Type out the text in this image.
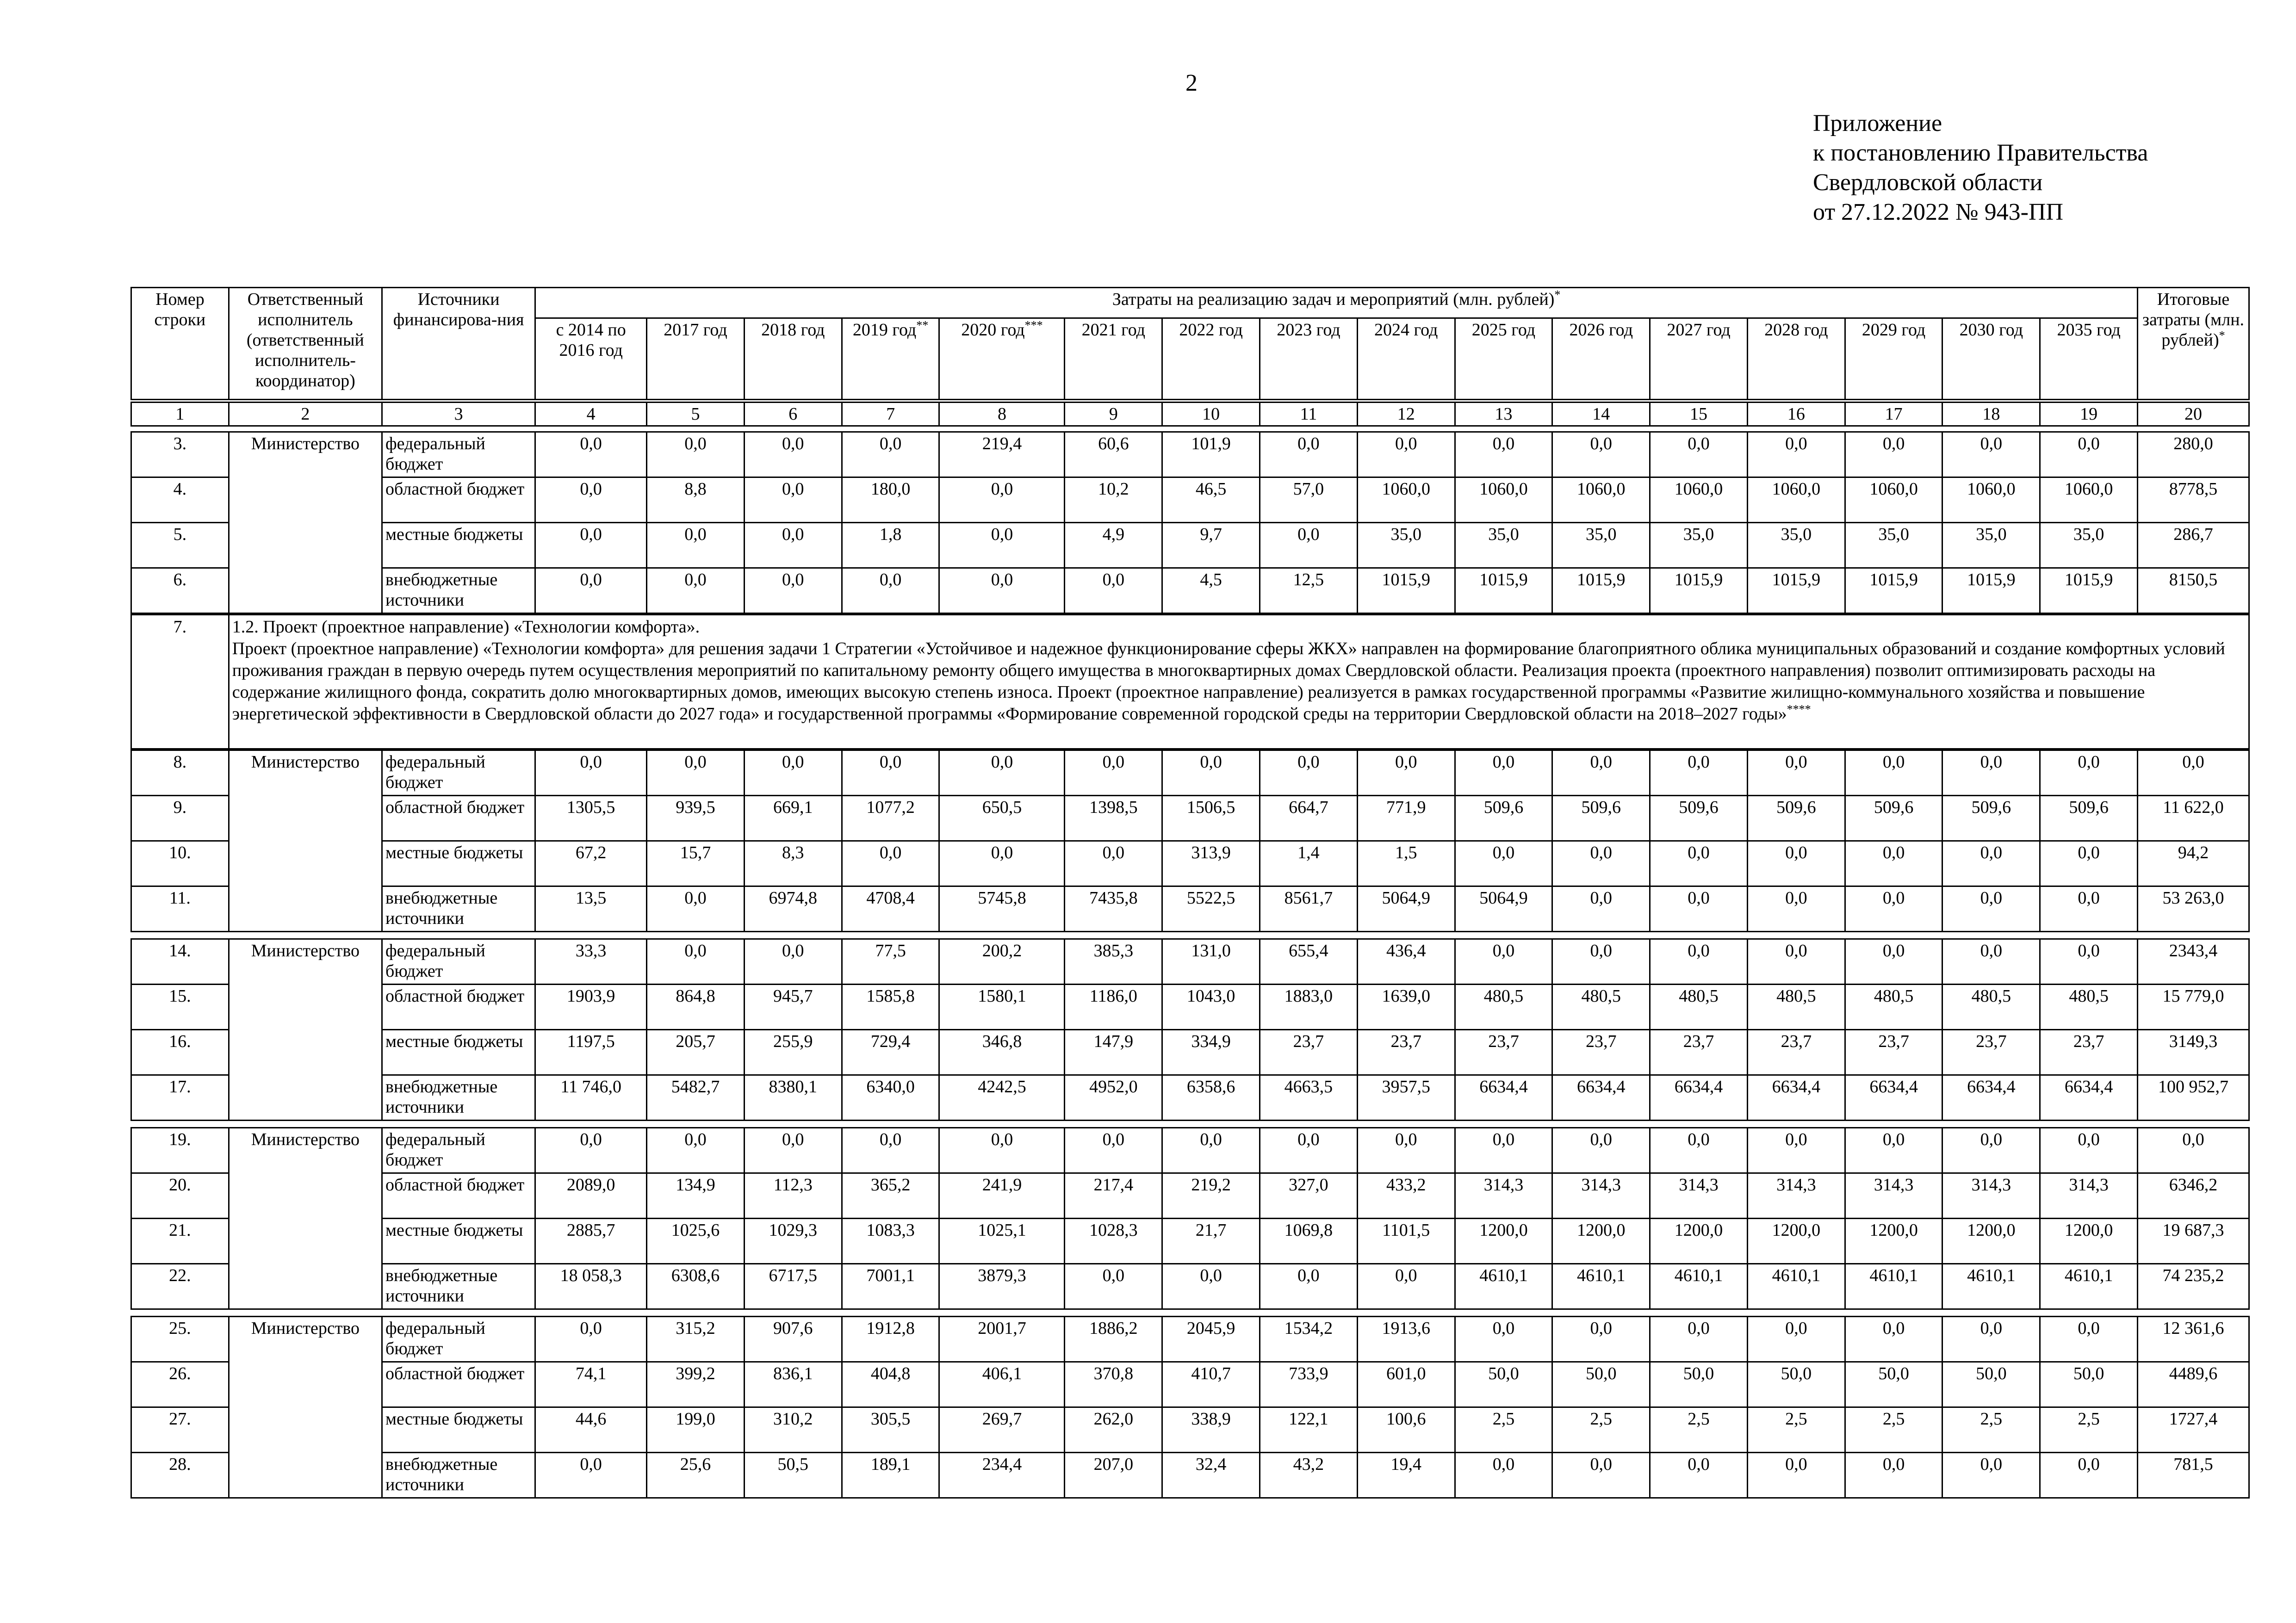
2
Приложение
к постановлению Правительства
Свердловской области
от 27.12.2022 № 943-ПП
Номер строки	Ответственный исполнитель (ответственный исполнитель-координатор)	Источники финансирова-ния	Затраты на реализацию задач и мероприятий (млн. рублей)*																Итоговые затраты (млн. рублей)*
			с 2014 по 2016 год	2017 год	2018 год	2019 год**	2020 год***	2021 год	2022 год	2023 год	2024 год	2025 год	2026 год	2027 год	2028 год	2029 год	2030 год	2035 год	
1	2	3	4	5	6	7	8	9	10	11	12	13	14	15	16	17	18	19	20
3.	Министерство	федеральный бюджет	0,0	0,0	0,0	0,0	219,4	60,6	101,9	0,0	0,0	0,0	0,0	0,0	0,0	0,0	0,0	0,0	280,0
4.		областной бюджет	0,0	8,8	0,0	180,0	0,0	10,2	46,5	57,0	1060,0	1060,0	1060,0	1060,0	1060,0	1060,0	1060,0	1060,0	8778,5
5.		местные бюджеты	0,0	0,0	0,0	1,8	0,0	4,9	9,7	0,0	35,0	35,0	35,0	35,0	35,0	35,0	35,0	35,0	286,7
6.		внебюджетные источники	0,0	0,0	0,0	0,0	0,0	0,0	4,5	12,5	1015,9	1015,9	1015,9	1015,9	1015,9	1015,9	1015,9	1015,9	8150,5
7.	1.2. Проект (проектное направление) «Технологии комфорта».
Проект (проектное направление) «Технологии комфорта» для решения задачи 1 Стратегии «Устойчивое и надежное функционирование сферы ЖКХ» направлен на формирование благоприятного облика муниципальных образований и создание комфортных условий проживания граждан в первую очередь путем осуществления мероприятий по капитальному ремонту общего имущества в многоквартирных домах Свердловской области. Реализация проекта (проектного направления) позволит оптимизировать расходы на содержание жилищного фонда, сократить долю многоквартирных домов, имеющих высокую степень износа. Проект (проектное направление) реализуется в рамках государственной программы «Развитие жилищно-коммунального хозяйства и повышение энергетической эффективности в Свердловской области до 2027 года» и государственной программы «Формирование современной городской среды на территории Свердловской области на 2018–2027 годы»****
8.	Министерство	федеральный бюджет	0,0	0,0	0,0	0,0	0,0	0,0	0,0	0,0	0,0	0,0	0,0	0,0	0,0	0,0	0,0	0,0	0,0
9.		областной бюджет	1305,5	939,5	669,1	1077,2	650,5	1398,5	1506,5	664,7	771,9	509,6	509,6	509,6	509,6	509,6	509,6	509,6	11 622,0
10.		местные бюджеты	67,2	15,7	8,3	0,0	0,0	0,0	313,9	1,4	1,5	0,0	0,0	0,0	0,0	0,0	0,0	0,0	94,2
11.		внебюджетные источники	13,5	0,0	6974,8	4708,4	5745,8	7435,8	5522,5	8561,7	5064,9	5064,9	0,0	0,0	0,0	0,0	0,0	0,0	53 263,0
14.	Министерство	федеральный бюджет	33,3	0,0	0,0	77,5	200,2	385,3	131,0	655,4	436,4	0,0	0,0	0,0	0,0	0,0	0,0	0,0	2343,4
15.		областной бюджет	1903,9	864,8	945,7	1585,8	1580,1	1186,0	1043,0	1883,0	1639,0	480,5	480,5	480,5	480,5	480,5	480,5	480,5	15 779,0
16.		местные бюджеты	1197,5	205,7	255,9	729,4	346,8	147,9	334,9	23,7	23,7	23,7	23,7	23,7	23,7	23,7	23,7	23,7	3149,3
17.		внебюджетные источники	11 746,0	5482,7	8380,1	6340,0	4242,5	4952,0	6358,6	4663,5	3957,5	6634,4	6634,4	6634,4	6634,4	6634,4	6634,4	6634,4	100 952,7
19.	Министерство	федеральный бюджет	0,0	0,0	0,0	0,0	0,0	0,0	0,0	0,0	0,0	0,0	0,0	0,0	0,0	0,0	0,0	0,0	0,0
20.		областной бюджет	2089,0	134,9	112,3	365,2	241,9	217,4	219,2	327,0	433,2	314,3	314,3	314,3	314,3	314,3	314,3	314,3	6346,2
21.		местные бюджеты	2885,7	1025,6	1029,3	1083,3	1025,1	1028,3	21,7	1069,8	1101,5	1200,0	1200,0	1200,0	1200,0	1200,0	1200,0	1200,0	19 687,3
22.		внебюджетные источники	18 058,3	6308,6	6717,5	7001,1	3879,3	0,0	0,0	0,0	0,0	4610,1	4610,1	4610,1	4610,1	4610,1	4610,1	4610,1	74 235,2
25.	Министерство	федеральный бюджет	0,0	315,2	907,6	1912,8	2001,7	1886,2	2045,9	1534,2	1913,6	0,0	0,0	0,0	0,0	0,0	0,0	0,0	12 361,6
26.		областной бюджет	74,1	399,2	836,1	404,8	406,1	370,8	410,7	733,9	601,0	50,0	50,0	50,0	50,0	50,0	50,0	50,0	4489,6
27.		местные бюджеты	44,6	199,0	310,2	305,5	269,7	262,0	338,9	122,1	100,6	2,5	2,5	2,5	2,5	2,5	2,5	2,5	1727,4
28.		внебюджетные источники	0,0	25,6	50,5	189,1	234,4	207,0	32,4	43,2	19,4	0,0	0,0	0,0	0,0	0,0	0,0	0,0	781,5
